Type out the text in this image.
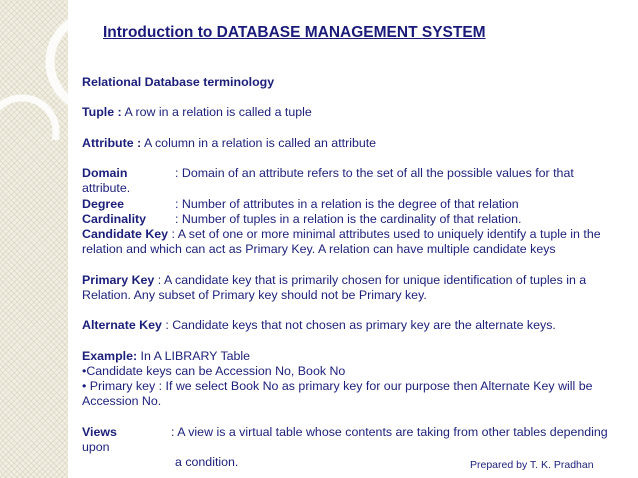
Introduction to DATABASE MANAGEMENT SYSTEM

Relational Database terminology

Tuple : A row in a relation is called a tuple

Attribute : A column in a relation is called an attribute

Domain	: Domain of an attribute refers to the set of all the possible values for that attribute.

Degree	: Number of attributes in a relation is the degree of that relation

Cardinality : Number of tuples in a relation is the cardinality of that relation.

Candidate Key : A set of one or more minimal attributes used to uniquely identify a tuple in the relation and which can act as Primary Key. A relation can have multiple candidate keys

Primary Key : A candidate key that is primarily chosen for unique identification of tuples in a Relation. Any subset of Primary key should not be Primary key.

Alternate Key : Candidate keys that not chosen as primary key are the alternate keys.

Example: In A LIBRARY Table

•Candidate keys can be Accession No, Book No

• Primary key : If we select Book No as primary key for our purpose then Alternate Key will be Accession No.

Views	: A view is a virtual table whose contents are taking from other tables depending upon

a condition.	Prepared by T. K. Pradhan
